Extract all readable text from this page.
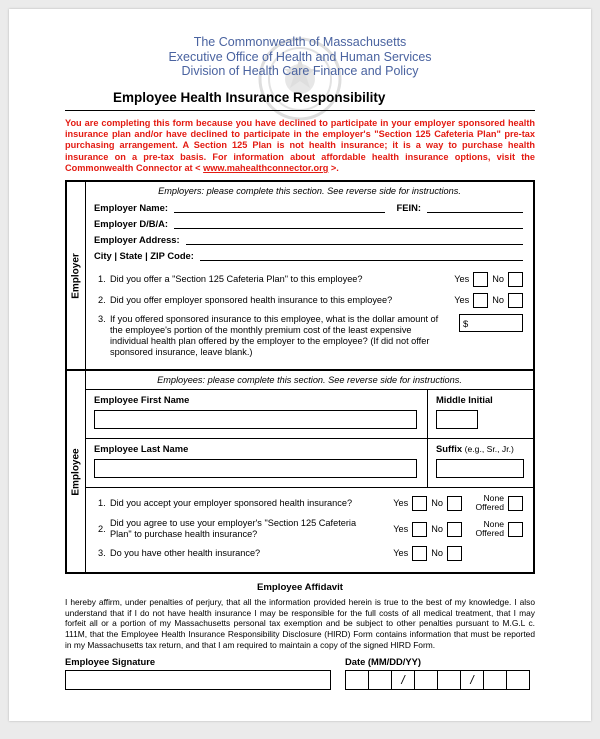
The Commonwealth of Massachusetts
Executive Office of Health and Human Services
Division of Health Care Finance and Policy
Employee Health Insurance Responsibility

You are completing this form because you have declined to participate in your employer sponsored health insurance plan and/or have declined to participate in the employer's "Section 125 Cafeteria Plan" pre-tax purchasing arrangement. A Section 125 Plan is not health insurance; it is a way to purchase health insurance on a pre-tax basis. For information about affordable health insurance options, visit the Commonwealth Connector at < www.mahealthconnector.org >.

Employer
Employers: please complete this section. See reverse side for instructions.
Employer Name:	FEIN:
Employer D/B/A:
Employer Address:
City | State | ZIP Code:
1. Did you offer a "Section 125 Cafeteria Plan" to this employee?	Yes	No
2. Did you offer employer sponsored health insurance to this employee?	Yes	No
3. If you offered sponsored insurance to this employee, what is the dollar amount of the employee's portion of the monthly premium cost of the least expensive individual health plan offered by the employer to the employee? (If did not offer sponsored insurance, leave blank.)
$
Employee
Employees: please complete this section. See reverse side for instructions.
Employee First Name	Middle Initial
Employee Last Name	Suffix (e.g., Sr., Jr.)
1. Did you accept your employer sponsored health insurance?	Yes	No	None Offered
2.
Did you agree to use your employer's "Section 125 Cafeteria Plan" to purchase health insurance?
Yes	No	None Offered
3. Do you have other health insurance?	Yes	No
Employee Affidavit

I hereby affirm, under penalties of perjury, that all the information provided herein is true to the best of my knowledge. I also understand that if I do not have health insurance I may be responsible for the full costs of all medical treatment, that I may forfeit all or a portion of my Massachusetts personal tax exemption and be subject to other penalties pursuant to M.G.L c. 111M, that the Employee Health Insurance Responsibility Disclosure (HIRD) Form contains information that must be reported in my Massachusetts tax return, and that I am required to maintain a copy of the signed HIRD Form.

Employee Signature	Date (MM/DD/YY)
/	/
